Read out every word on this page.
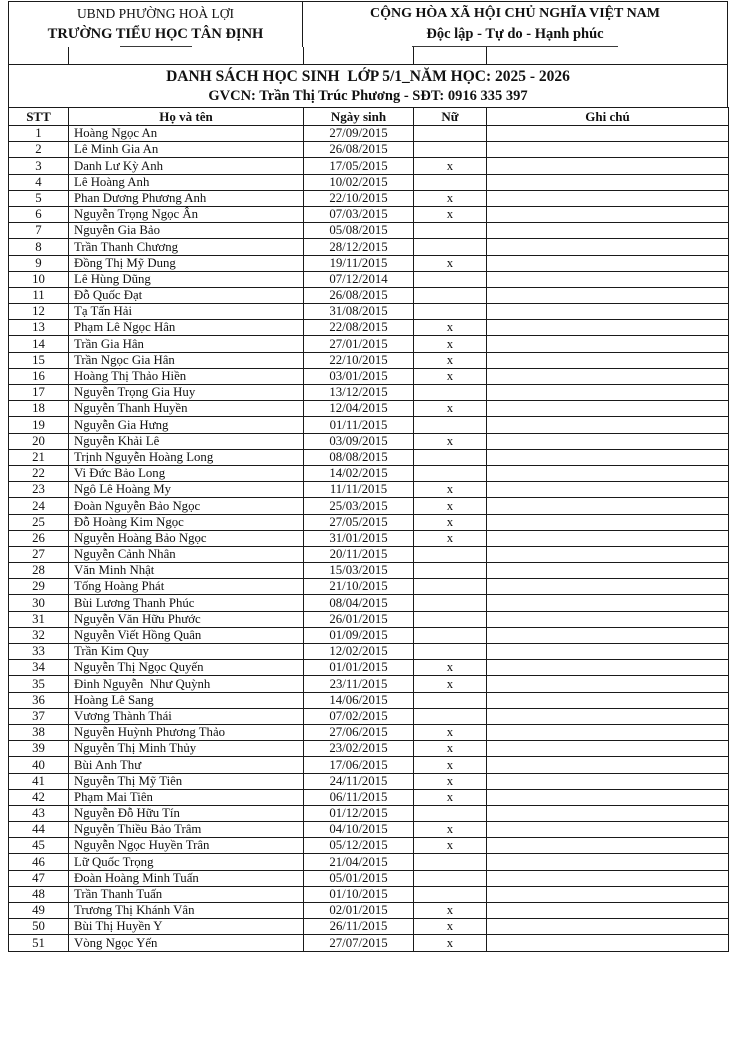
UBND PHƯỜNG HOÀ LỢI
TRƯỜNG TIỂU HỌC TÂN ĐỊNH
CỘNG HÒA XÃ HỘI CHỦ NGHĨA VIỆT NAM
Độc lập - Tự do - Hạnh phúc
DANH SÁCH HỌC SINH  LỚP 5/1_NĂM HỌC: 2025 - 2026
GVCN: Trần Thị Trúc Phương - SĐT: 0916 335 397
STT	Họ và tên	Ngày sinh	Nữ	Ghi chú
1	Hoàng Ngọc An	27/09/2015		
2	Lê Minh Gia An	26/08/2015		
3	Danh Lư Kỳ Anh	17/05/2015	x	
4	Lê Hoàng Anh	10/02/2015		
5	Phan Dương Phương Anh	22/10/2015	x	
6	Nguyễn Trọng Ngọc Ân	07/03/2015	x	
7	Nguyễn Gia Bảo	05/08/2015		
8	Trần Thanh Chương	28/12/2015		
9	Đồng Thị Mỹ Dung	19/11/2015	x	
10	Lê Hùng Dũng	07/12/2014		
11	Đỗ Quốc Đạt	26/08/2015		
12	Tạ Tấn Hải	31/08/2015		
13	Phạm Lê Ngọc Hân	22/08/2015	x	
14	Trần Gia Hân	27/01/2015	x	
15	Trần Ngọc Gia Hân	22/10/2015	x	
16	Hoàng Thị Thảo Hiền	03/01/2015	x	
17	Nguyễn Trọng Gia Huy	13/12/2015		
18	Nguyễn Thanh Huyền	12/04/2015	x	
19	Nguyễn Gia Hưng	01/11/2015		
20	Nguyễn Khải Lê	03/09/2015	x	
21	Trịnh Nguyễn Hoàng Long	08/08/2015		
22	Vi Đức Bảo Long	14/02/2015		
23	Ngô Lê Hoàng My	11/11/2015	x	
24	Đoàn Nguyễn Bảo Ngọc	25/03/2015	x	
25	Đỗ Hoàng Kim Ngọc	27/05/2015	x	
26	Nguyễn Hoàng Bảo Ngọc	31/01/2015	x	
27	Nguyễn Cảnh Nhân	20/11/2015		
28	Văn Minh Nhật	15/03/2015		
29	Tống Hoàng Phát	21/10/2015		
30	Bùi Lương Thanh Phúc	08/04/2015		
31	Nguyễn Văn Hữu Phước	26/01/2015		
32	Nguyễn Viết Hồng Quân	01/09/2015		
33	Trần Kim Quy	12/02/2015		
34	Nguyễn Thị Ngọc Quyến	01/01/2015	x	
35	Đinh Nguyễn  Như Quỳnh	23/11/2015	x	
36	Hoàng Lê Sang	14/06/2015		
37	Vương Thành Thái	07/02/2015		
38	Nguyễn Huỳnh Phương Thảo	27/06/2015	x	
39	Nguyễn Thị Minh Thủy	23/02/2015	x	
40	Bùi Anh Thư	17/06/2015	x	
41	Nguyễn Thị Mỹ Tiên	24/11/2015	x	
42	Phạm Mai Tiên	06/11/2015	x	
43	Nguyễn Đỗ Hữu Tín	01/12/2015		
44	Nguyễn Thiều Bảo Trâm	04/10/2015	x	
45	Nguyễn Ngọc Huyền Trân	05/12/2015	x	
46	Lữ Quốc Trọng	21/04/2015		
47	Đoàn Hoàng Minh Tuấn	05/01/2015		
48	Trần Thanh Tuấn	01/10/2015		
49	Trương Thị Khánh Vân	02/01/2015	x	
50	Bùi Thị Huyền Y	26/11/2015	x	
51	Vòng Ngọc Yến	27/07/2015	x	
